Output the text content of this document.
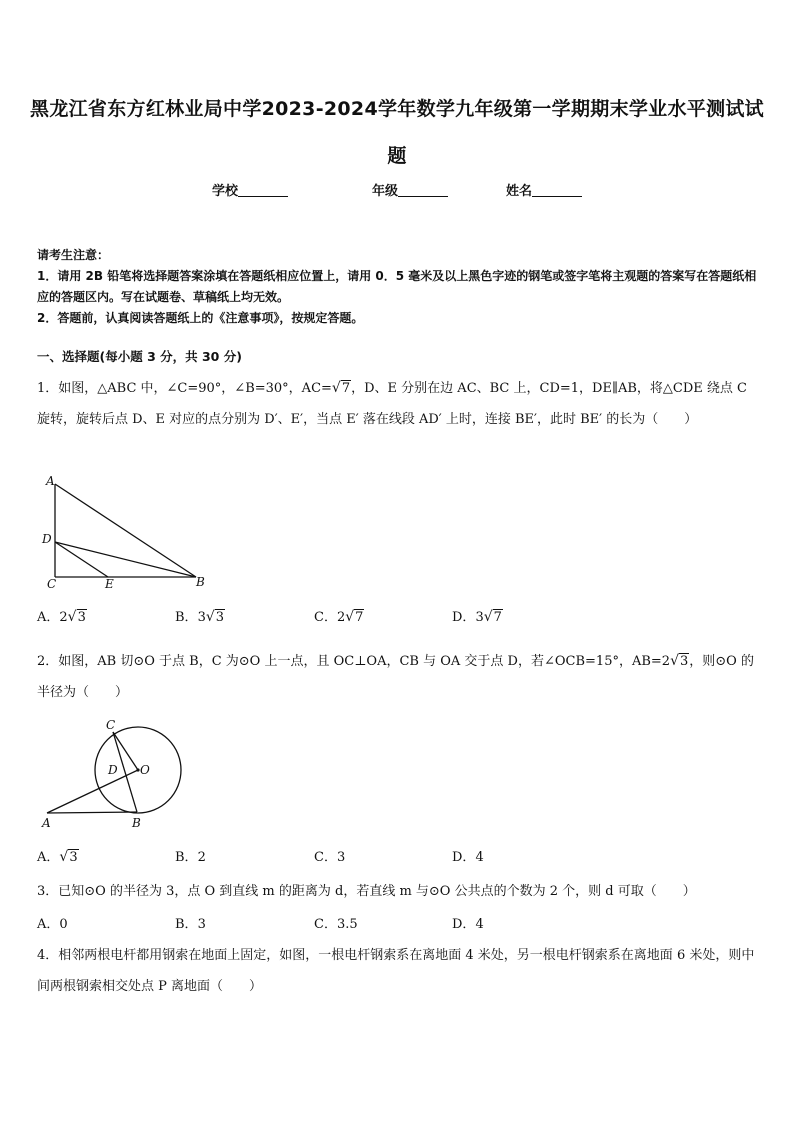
黑龙江省东方红林业局中学2023-2024学年数学九年级第一学期期末学业水平测试试
题
学校	年级	姓名

请考生注意：

1．请用 2B 铅笔将选择题答案涂填在答题纸相应位置上，请用 0．5 毫米及以上黑色字迹的钢笔或签字笔将主观题的答案写在答题纸相应的答题区内。写在试题卷、草稿纸上均无效。

2．答题前，认真阅读答题纸上的《注意事项》，按规定答题。

一、选择题(每小题 3 分，共 30 分)

1．如图，△ABC 中，∠C=90°，∠B=30°，AC=√7，D、E 分别在边 AC、BC 上，CD=1，DE∥AB，将△CDE 绕点 C 旋转，旋转后点 D、E 对应的点分别为 D′、E′，当点 E′ 落在线段 AD′ 上时，连接 BE′，此时 BE′ 的长为（　　）

A
D
C	E	B
A．2√3	B．3√3	C．2√7	D．3√7

2．如图，AB 切⊙O 于点 B，C 为⊙O 上一点，且 OC⊥OA，CB 与 OA 交于点 D，若∠OCB=15°，AB=2√3，则⊙O 的半径为（　　）

C
D O
A	B
A．√3	B．2	C．3	D．4

3．已知⊙O 的半径为 3，点 O 到直线 m 的距离为 d，若直线 m 与⊙O 公共点的个数为 2 个，则 d 可取（　　）

A．0	B．3	C．3.5	D．4

4．相邻两根电杆都用钢索在地面上固定，如图，一根电杆钢索系在离地面 4 米处，另一根电杆钢索系在离地面 6 米处，则中间两根钢索相交处点 P 离地面（　　）
